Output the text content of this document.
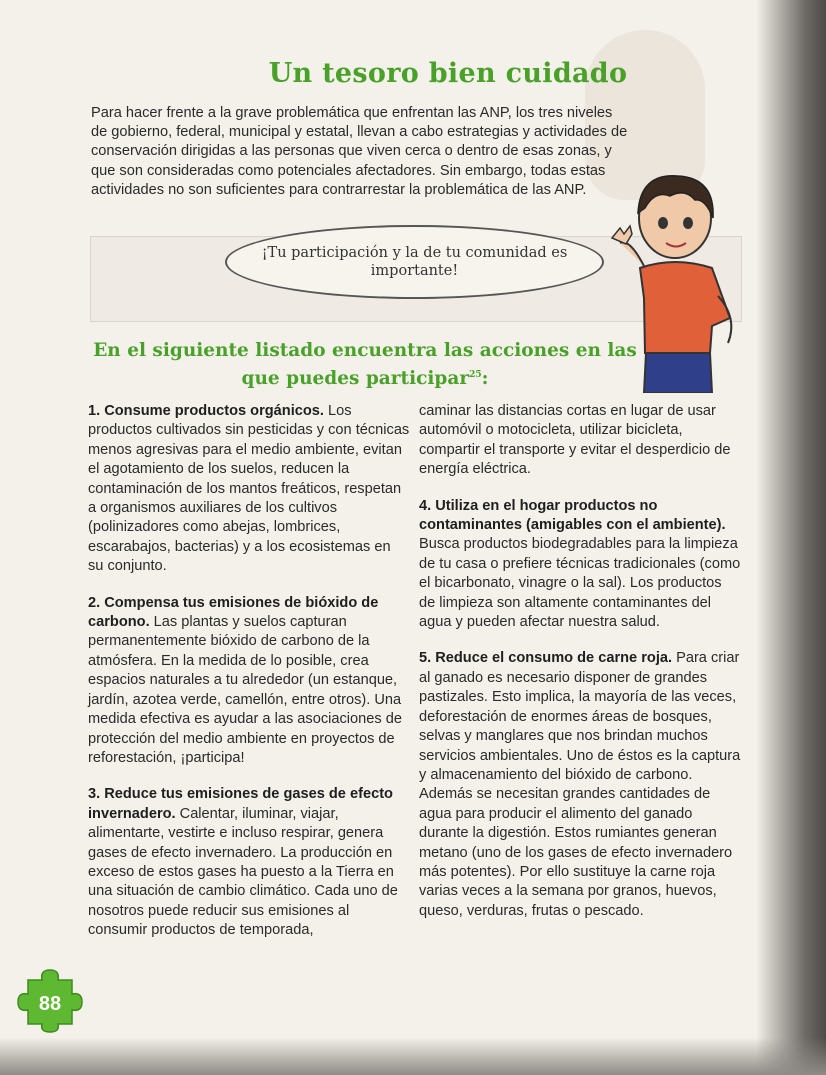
Un tesoro bien cuidado

Para hacer frente a la grave problemática que enfrentan las ANP, los tres niveles de gobierno, federal, municipal y estatal, llevan a cabo estrategias y actividades de conservación dirigidas a las personas que viven cerca o dentro de esas zonas, y que son consideradas como potenciales afectadores. Sin embargo, todas estas actividades no son suficientes para contrarrestar la problemática de las ANP.

¡Tu participación y la de tu comunidad es importante!
En el siguiente listado encuentra las acciones en las que puedes participar$^{25}$:

1. Consume productos orgánicos. Los productos cultivados sin pesticidas y con técnicas menos agresivas para el medio ambiente, evitan el agotamiento de los suelos, reducen la contaminación de los mantos freáticos, respetan a organismos auxiliares de los cultivos (polinizadores como abejas, lombrices, escarabajos, bacterias) y a los ecosistemas en su conjunto.

2. Compensa tus emisiones de bióxido de carbono. Las plantas y suelos capturan permanentemente bióxido de carbono de la atmósfera. En la medida de lo posible, crea espacios naturales a tu alrededor (un estanque, jardín, azotea verde, camellón, entre otros). Una medida efectiva es ayudar a las asociaciones de protección del medio ambiente en proyectos de reforestación, ¡participa!

3. Reduce tus emisiones de gases de efecto invernadero. Calentar, iluminar, viajar, alimentarte, vestirte e incluso respirar, genera gases de efecto invernadero. La producción en exceso de estos gases ha puesto a la Tierra en una situación de cambio climático. Cada uno de nosotros puede reducir sus emisiones al consumir productos de temporada,

caminar las distancias cortas en lugar de usar automóvil o motocicleta, utilizar bicicleta, compartir el transporte y evitar el desperdicio de energía eléctrica.

4. Utiliza en el hogar productos no contaminantes (amigables con el ambiente). Busca productos biodegradables para la limpieza de tu casa o prefiere técnicas tradicionales (como el bicarbonato, vinagre o la sal). Los productos de limpieza son altamente contaminantes del agua y pueden afectar nuestra salud.

5. Reduce el consumo de carne roja. Para criar al ganado es necesario disponer de grandes pastizales. Esto implica, la mayoría de las veces, deforestación de enormes áreas de bosques, selvas y manglares que nos brindan muchos servicios ambientales. Uno de éstos es la captura y almacenamiento del bióxido de carbono. Además se necesitan grandes cantidades de agua para producir el alimento del ganado durante la digestión. Estos rumiantes generan metano (uno de los gases de efecto invernadero más potentes). Por ello sustituye la carne roja varias veces a la semana por granos, huevos, queso, verduras, frutas o pescado.

88
